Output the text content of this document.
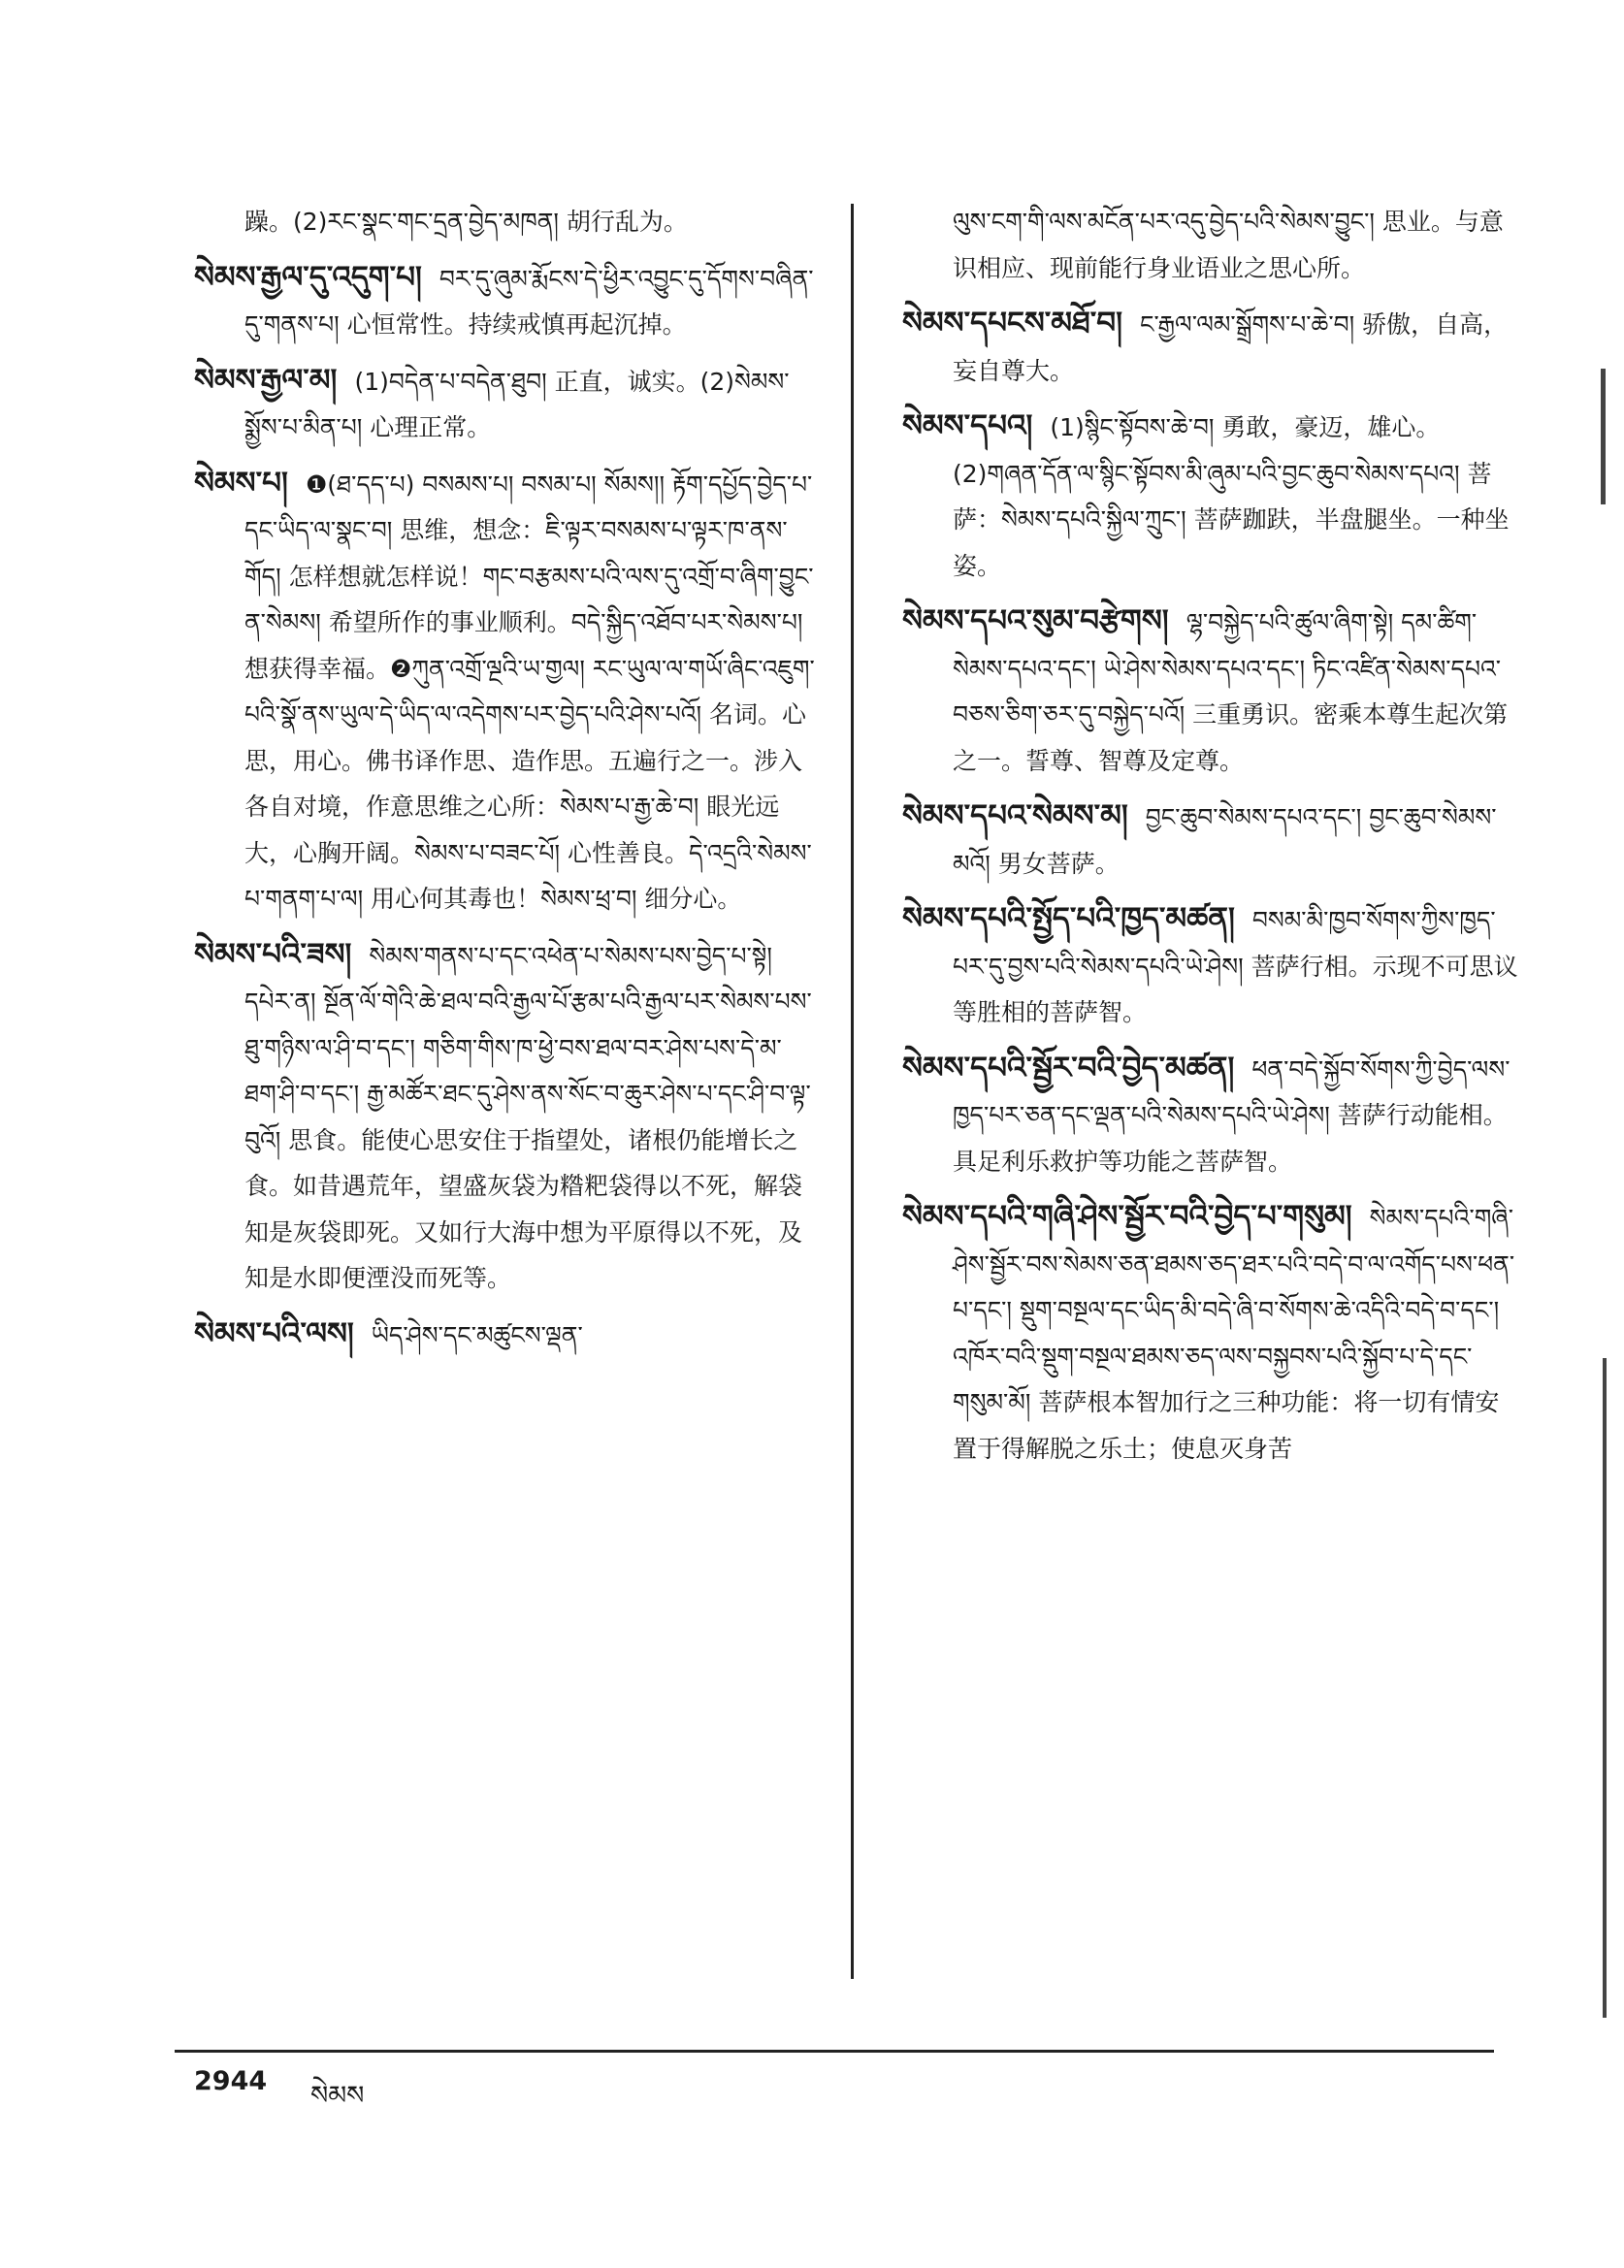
躁。(2)རང་སྣང་གང་དྲན་བྱེད་མཁན། 胡行乱为。
སེམས་རྒྱལ་དུ་འདུག་པ། བར་དུ་ཞུམ་རྨོངས་དེ་ཕྱིར་འབྱུང་དུ་དོགས་བཞིན་དུ་གནས་པ། 心恒常性。持续戒慎再起沉掉。
སེམས་རྒྱལ་མ། (1)བདེན་པ་བདེན་ཐུབ། 正直，诚实。(2)སེམས་སྨྱོས་པ་མིན་པ། 心理正常。
སེམས་པ། ❶(ཐ་དད་པ) བསམས་པ། བསམ་པ། སོམས།། རྟོག་དཔྱོད་བྱེད་པ་དང་ཡིད་ལ་སྣང་བ། 思维，想念：ཇི་ལྟར་བསམས་པ་ལྟར་ཁ་ནས་གོད། 怎样想就怎样说！གང་བརྩམས་པའི་ལས་དུ་འགྲོ་བ་ཞིག་བྱུང་ན་སེམས། 希望所作的事业顺利。བདེ་སྐྱིད་འཐོབ་པར་སེམས་པ། 想获得幸福。❷ཀུན་འགྲོ་ལྔའི་ཡ་གྱལ། རང་ཡུལ་ལ་གཡོ་ཞིང་འཇུག་པའི་སྣོ་ནས་ཡུལ་དེ་ཡིད་ལ་འདེགས་པར་བྱེད་པའི་ཤེས་པའོ། 名词。心思，用心。佛书译作思、造作思。五遍行之一。涉入各自对境，作意思维之心所：སེམས་པ་རྒྱ་ཆེ་བ། 眼光远大，心胸开阔。སེམས་པ་བཟང་པོ། 心性善良。དེ་འདྲའི་སེམས་པ་གནག་པ་ལ། 用心何其毒也！སེམས་ཕྲ་བ། 细分心。
སེམས་པའི་ཟས། སེམས་གནས་པ་དང་འཕེན་པ་སེམས་པས་བྱེད་པ་སྟེ། དཔེར་ན། སྔོན་ལོ་གེའི་ཆེ་ཐལ་བའི་རྒྱལ་པོ་རྩམ་པའི་རྒྱལ་པར་སེམས་པས་ཐུ་གཉིས་ལ་ཤི་བ་དང་། གཅིག་གིས་ཁ་ཕྱེ་བས་ཐལ་བར་ཤེས་པས་དེ་མ་ཐག་ཤི་བ་དང་། རྒྱ་མཚོར་ཐང་དུ་ཤེས་ནས་སོང་བ་ཆུར་ཤེས་པ་དང་ཤི་བ་ལྟ་བུའོ། 思食。能使心思安住于指望处，诸根仍能增长之食。如昔遇荒年，望盛灰袋为糌粑袋得以不死，解袋知是灰袋即死。又如行大海中想为平原得以不死，及知是水即便湮没而死等。
སེམས་པའི་ལས། ཡིད་ཤེས་དང་མཚུངས་ལྡན་
ལུས་ངག་གི་ལས་མངོན་པར་འདུ་བྱེད་པའི་སེམས་བྱུང་། 思业。与意识相应、现前能行身业语业之思心所。
སེམས་དཔངས་མཐོ་བ། ང་རྒྱལ་ལམ་སྒྲོགས་པ་ཆེ་བ། 骄傲，自高，妄自尊大。
སེམས་དཔའ། (1)སྙིང་སྟོབས་ཆེ་བ། 勇敢，豪迈，雄心。(2)གཞན་དོན་ལ་སྙིང་སྟོབས་མི་ཞུམ་པའི་བྱང་ཆུབ་སེམས་དཔའ། 菩萨：སེམས་དཔའི་སྐྱིལ་ཀྲུང་། 菩萨跏趺，半盘腿坐。一种坐姿。
སེམས་དཔའ་སུམ་བརྩེགས། ལྷ་བསྐྱེད་པའི་ཚུལ་ཞིག་སྟེ། དམ་ཚིག་སེམས་དཔའ་དང་། ཡེ་ཤེས་སེམས་དཔའ་དང་། ཏིང་འཛིན་སེམས་དཔའ་བཅས་ཅིག་ཅར་དུ་བསྐྱེད་པའོ། 三重勇识。密乘本尊生起次第之一。誓尊、智尊及定尊。
སེམས་དཔའ་སེམས་མ། བྱང་ཆུབ་སེམས་དཔའ་དང་། བྱང་ཆུབ་སེམས་མའོ། 男女菩萨。
སེམས་དཔའི་སྤྱོད་པའི་ཁྱད་མཚན། བསམ་མི་ཁྱབ་སོགས་ཀྱིས་ཁྱད་པར་དུ་བྱས་པའི་སེམས་དཔའི་ཡེ་ཤེས། 菩萨行相。示现不可思议等胜相的菩萨智。
སེམས་དཔའི་སྦྱོར་བའི་བྱེད་མཚན། ཕན་བདེ་སྐྱོབ་སོགས་ཀྱི་བྱེད་ལས་ཁྱད་པར་ཅན་དང་ལྡན་པའི་སེམས་དཔའི་ཡེ་ཤེས། 菩萨行动能相。具足利乐救护等功能之菩萨智。
སེམས་དཔའི་གཞི་ཤེས་སྦྱོར་བའི་བྱེད་པ་གསུམ། སེམས་དཔའི་གཞི་ཤེས་སྦྱོར་བས་སེམས་ཅན་ཐམས་ཅད་ཐར་པའི་བདེ་བ་ལ་འགོད་པས་ཕན་པ་དང་། སྡུག་བསྔལ་དང་ཡིད་མི་བདེ་ཞི་བ་སོགས་ཆེ་འདིའི་བདེ་བ་དང་། འཁོར་བའི་སྡུག་བསྔལ་ཐམས་ཅད་ལས་བསྐྱབས་པའི་སྐྱོབ་པ་དེ་དང་གསུམ་མོ། 菩萨根本智加行之三种功能：将一切有情安置于得解脱之乐土；使息灭身苦
2944 སེམས
